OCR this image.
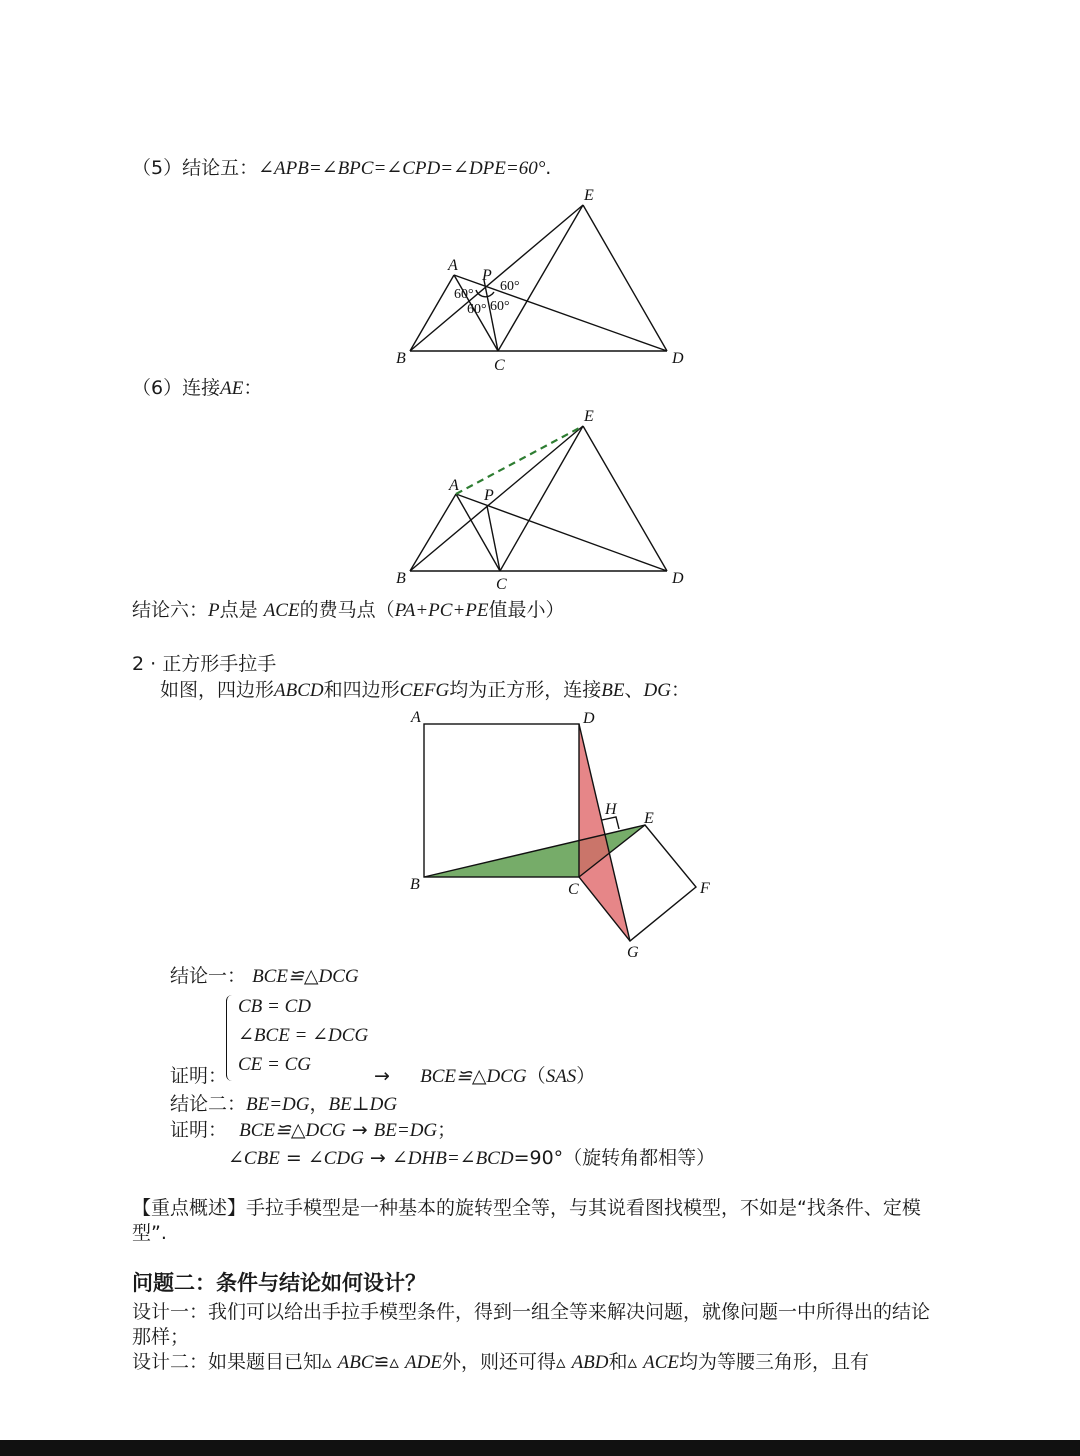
（5）结论五：∠APB=∠BPC=∠CPD=∠DPE=60°.
E
A
P
B	C	D
60°
60°
60° 60°
（6）连接AE：
E
A
P
B	C	D
结论六：P点是 ACE的费马点（PA+PC+PE值最小）
2 · 正方形手拉手
如图，四边形ABCD和四边形CEFG均为正方形，连接BE、DG：
A	D
H
E
B	C	F
G
结论一： BCE≌△DCG
CB = CD
∠BCE = ∠DCG
CE = CG
证明：	→ BCE≌△DCG（SAS）
结论二：BE=DG，BE⊥DG
证明： BCE≌△DCG → BE=DG；
∠CBE = ∠CDG → ∠DHB=∠BCD=90°（旋转角都相等）
【重点概述】手拉手模型是一种基本的旋转型全等，与其说看图找模型，不如是“找条件、定模
型”.
问题二：条件与结论如何设计？
设计一：我们可以给出手拉手模型条件，得到一组全等来解决问题，就像问题一中所得出的结论
那样；
设计二：如果题目已知▵ ABC≌▵ ADE外，则还可得▵ ABD和▵ ACE均为等腰三角形，且有
